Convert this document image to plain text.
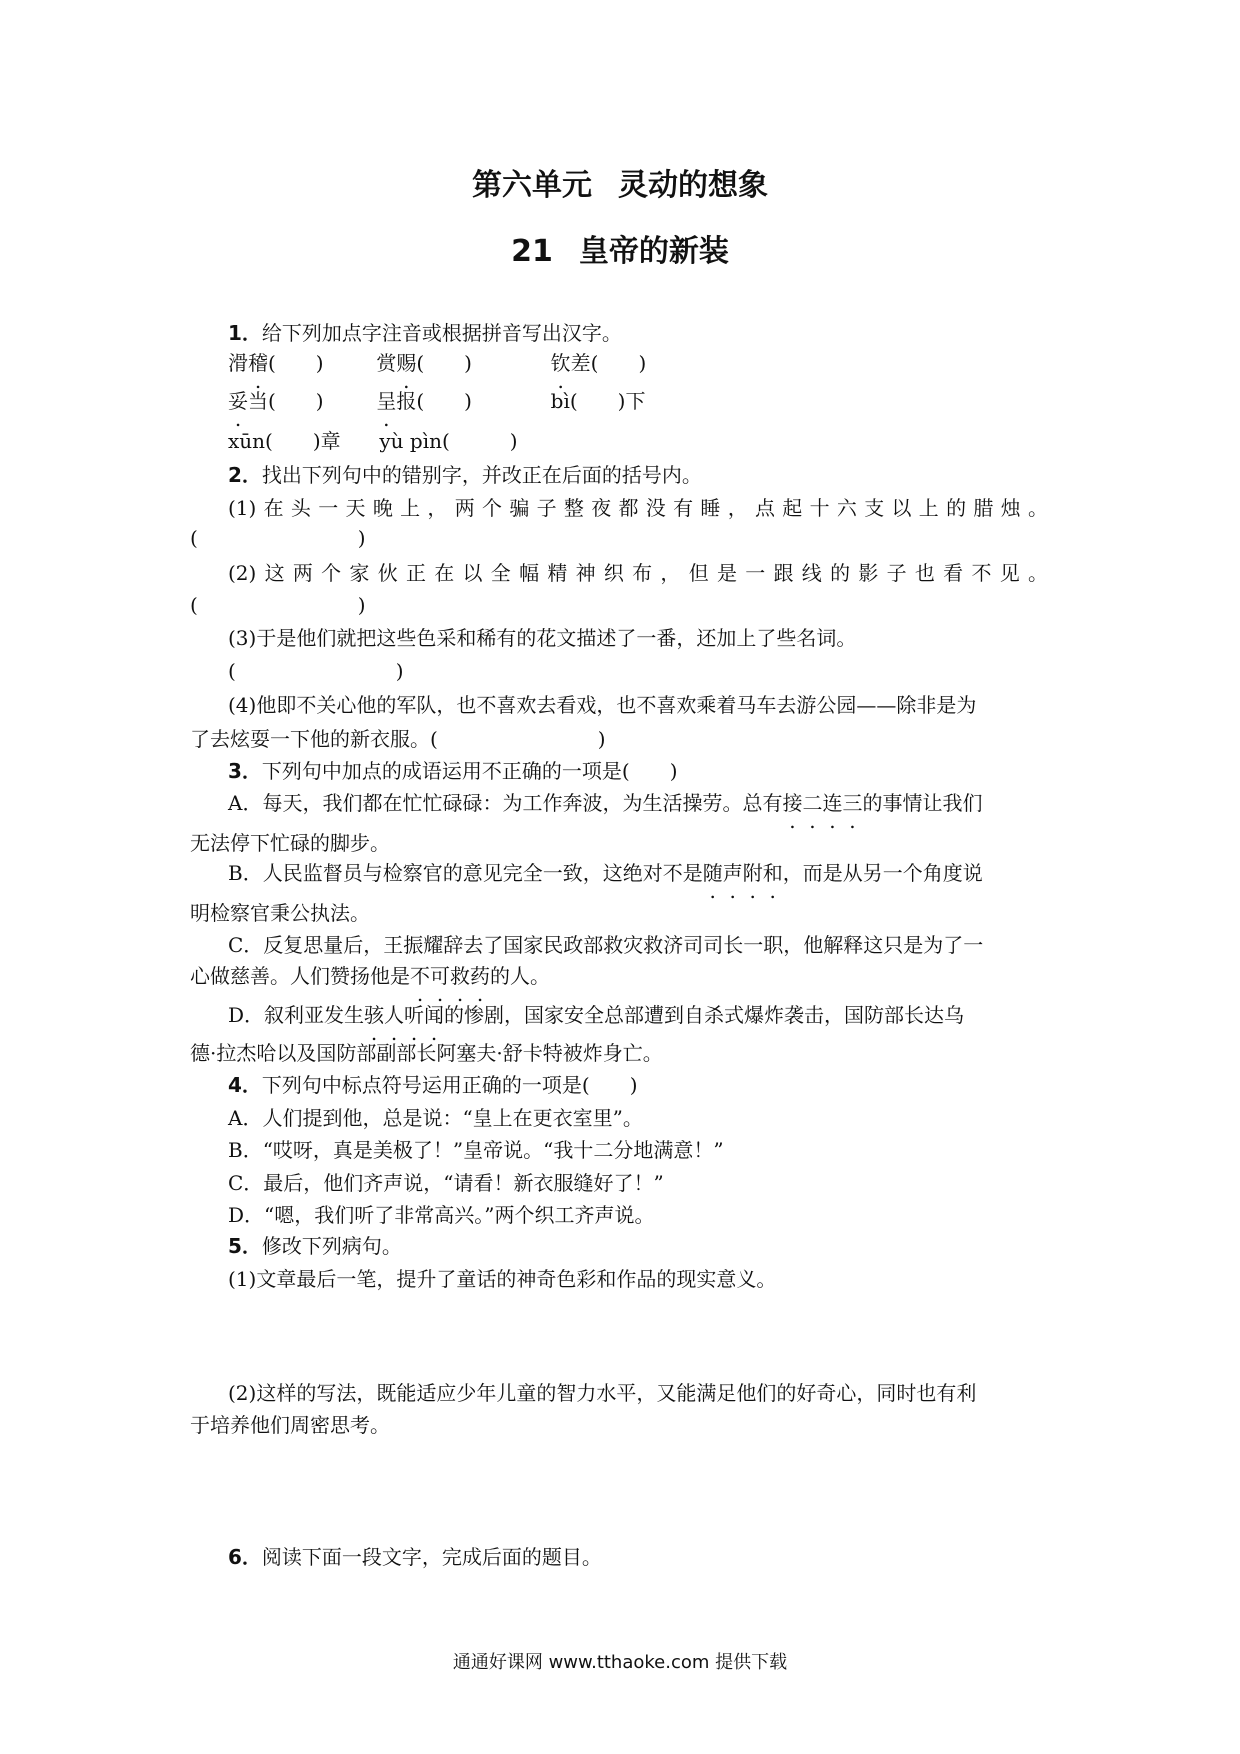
第六单元 灵动的想象
21 皇帝的新装
1．给下列加点字注音或根据拼音写出汉字。
滑稽(　　)	赏赐(　　)	钦差(　　)
妥当(　　)	呈报(　　)	bì(　　)下
xūn(　　)章 yù pìn(　　　)
2．找出下列句中的错别字，并改正在后面的括号内。
(1)在头一天晚上，两个骗子整夜都没有睡，点起十六支以上的腊烛。
(　　　　　　　　)
(2)这两个家伙正在以全幅精神织布，但是一跟线的影子也看不见。
(　　　　　　　　)
(3)于是他们就把这些色采和稀有的花文描述了一番，还加上了些名词。
(　　　　　　　　)
(4)他即不关心他的军队，也不喜欢去看戏，也不喜欢乘着马车去游公园——除非是为
了去炫耍一下他的新衣服。(　　　　　　　　)
3．下列句中加点的成语运用不正确的一项是(　　)
A．每天，我们都在忙忙碌碌：为工作奔波，为生活操劳。总有接二连三的事情让我们
无法停下忙碌的脚步。
B．人民监督员与检察官的意见完全一致，这绝对不是随声附和，而是从另一个角度说
明检察官秉公执法。
C．反复思量后，王振耀辞去了国家民政部救灾救济司司长一职，他解释这只是为了一
心做慈善。人们赞扬他是不可救药的人。
D．叙利亚发生骇人听闻的惨剧，国家安全总部遭到自杀式爆炸袭击，国防部长达乌
德·拉杰哈以及国防部副部长阿塞夫·舒卡特被炸身亡。
4．下列句中标点符号运用正确的一项是(　　)
A．人们提到他，总是说：“皇上在更衣室里”。
B．“哎呀，真是美极了！”皇帝说。“我十二分地满意！”
C．最后，他们齐声说，“请看！新衣服缝好了！”
D．“嗯，我们听了非常高兴。”两个织工齐声说。
5．修改下列病句。
(1)文章最后一笔，提升了童话的神奇色彩和作品的现实意义。
(2)这样的写法，既能适应少年儿童的智力水平，又能满足他们的好奇心，同时也有利
于培养他们周密思考。
6．阅读下面一段文字，完成后面的题目。
通通好课网 www.tthaoke.com 提供下载
